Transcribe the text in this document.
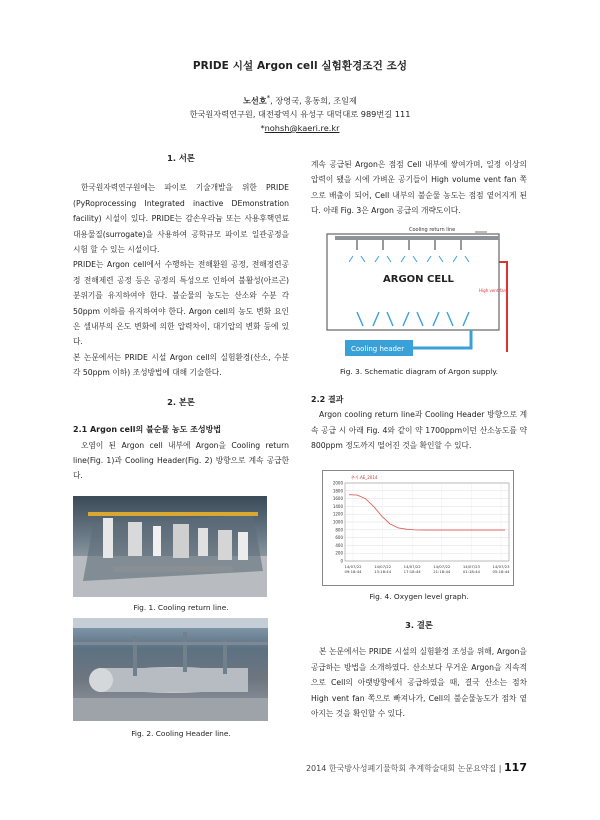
PRIDE 시설 Argon cell 실험환경조건 조성
노선호*, 장영국, 홍동희, 조일제
한국원자력연구원, 대전광역시 유성구 대덕대로 989번길 111
*nohsh@kaeri.re.kr
1. 서론

한국원자력연구원에는 파이로 기술개발을 위한 PRIDE (PyRoprocessing Integrated inactive DEmonstration facility) 시설이 있다. PRIDE는 감손우라늄 또는 사용후핵연료 대용물질(surrogate)을 사용하여 공학규모 파이로 일관공정을 시험 할 수 있는 시설이다.

PRIDE는 Argon cell에서 수행하는 전해환원 공정, 전해정련공정 전해제련 공정 등은 공정의 특성으로 인하여 불활성(아르곤) 분위기를 유지하여야 한다. 불순물의 농도는 산소와 수분 각 50ppm 이하를 유지하여야 한다. Argon cell의 농도 변화 요인은 셀내부의 온도 변화에 의한 압력차이, 대기압의 변화 등에 있다.

본 논문에서는 PRIDE 시설 Argon cell의 실험환경(산소, 수분 각 50ppm 이하) 조성방법에 대해 기술한다.

2. 본론
2.1 Argon cell의 불순물 농도 조성방법

오염이 된 Argon cell 내부에 Argon을 Cooling return line(Fig. 1)과 Cooling Header(Fig. 2) 방향으로 계속 공급한다.

Fig. 1. Cooling return line.
Fig. 2. Cooling Header line.

계속 공급된 Argon은 점점 Cell 내부에 쌓여가며, 일정 이상의 압력이 됐을 시에 가벼운 공기들이 High volume vent fan 쪽으로 배출이 되어, Cell 내부의 불순물 농도는 점점 옅어지게 된다. 아래 Fig. 3은 Argon 공급의 개략도이다.

Cooling return line
ARGON CELL
Cooling header
High vent fan
Fig. 3. Schematic diagram of Argon supply.
2.2 결과

Argon cooling return line과 Cooling Header 방향으로 계속 공급 시 아래 Fig. 4와 같이 약 1700ppm이던 산소농도를 약 800ppm 정도까지 떨어진 것을 확인할 수 있다.

추가.AE_2014
0
200
400
600
800
1000
1200
1400
1600
1800
2000
14/07/22
09:18:44
14/07/22
13:18:44
14/07/22
17:18:44
14/07/22
21:18:44
14/07/23
01:18:44
14/07/23
05:18:44
Fig. 4. Oxygen level graph.
3. 결론

본 논문에서는 PRIDE 시설의 실험환경 조성을 위해, Argon을 공급하는 방법을 소개하였다. 산소보다 무거운 Argon을 지속적으로 Cell의 아랫방향에서 공급하였을 때, 결국 산소는 점차 High vent fan 쪽으로 빠져나가, Cell의 불순물농도가 점차 옅아지는 것을 확인할 수 있다.

2014 한국방사성폐기물학회 추계학술대회 논문요약집 | 117
